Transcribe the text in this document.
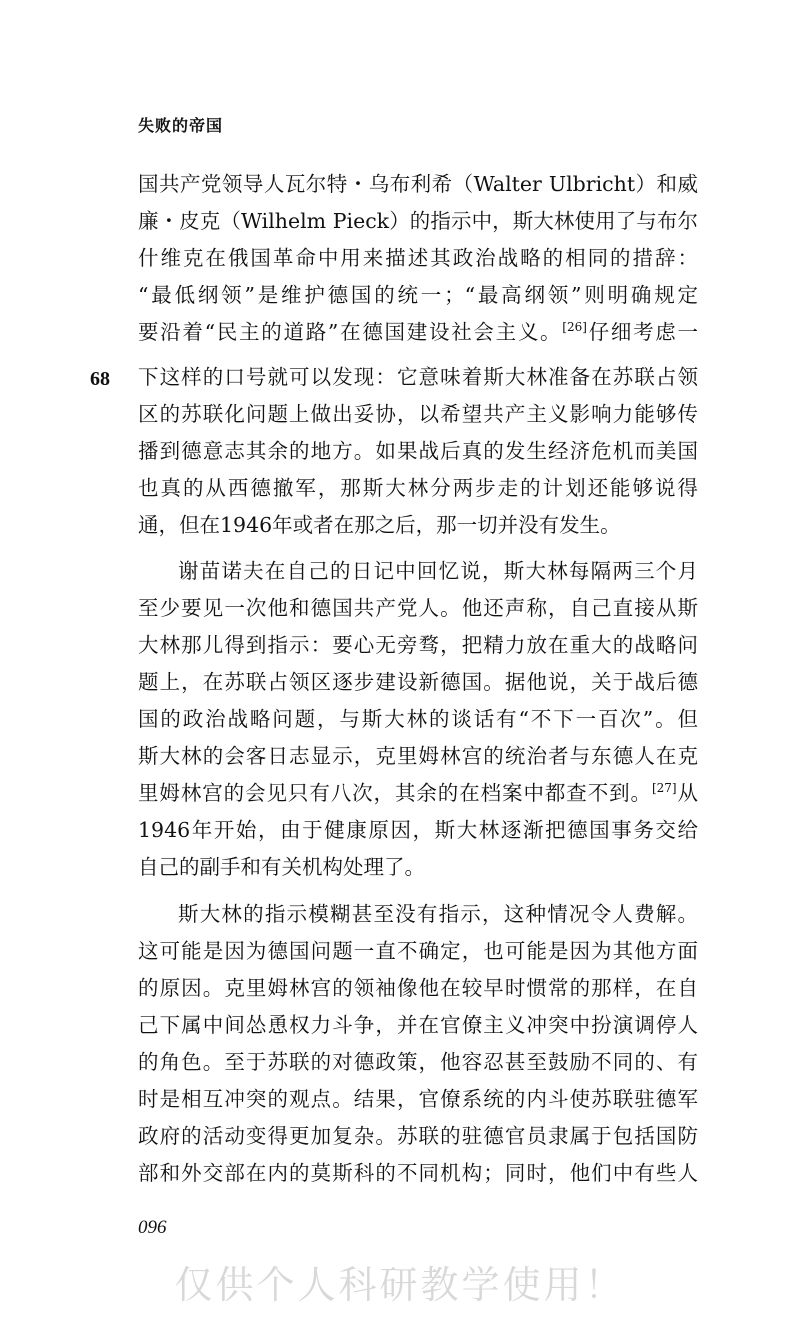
失败的帝国
68
国共产党领导人瓦尔特・乌布利希（Walter Ulbricht）和威
廉・皮克（Wilhelm Pieck）的指示中，斯大林使用了与布尔
什维克在俄国革命中用来描述其政治战略的相同的措辞：
“最低纲领”是维护德国的统一；“最高纲领”则明确规定
要沿着“民主的道路”在德国建设社会主义。[26]仔细考虑一
下这样的口号就可以发现：它意味着斯大林准备在苏联占领
区的苏联化问题上做出妥协，以希望共产主义影响力能够传
播到德意志其余的地方。如果战后真的发生经济危机而美国
也真的从西德撤军，那斯大林分两步走的计划还能够说得
通，但在1946年或者在那之后，那一切并没有发生。
谢苗诺夫在自己的日记中回忆说，斯大林每隔两三个月
至少要见一次他和德国共产党人。他还声称，自己直接从斯
大林那儿得到指示：要心无旁骛，把精力放在重大的战略问
题上，在苏联占领区逐步建设新德国。据他说，关于战后德
国的政治战略问题，与斯大林的谈话有“不下一百次”。但
斯大林的会客日志显示，克里姆林宫的统治者与东德人在克
里姆林宫的会见只有八次，其余的在档案中都查不到。[27]从
1946年开始，由于健康原因，斯大林逐渐把德国事务交给
自己的副手和有关机构处理了。
斯大林的指示模糊甚至没有指示，这种情况令人费解。
这可能是因为德国问题一直不确定，也可能是因为其他方面
的原因。克里姆林宫的领袖像他在较早时惯常的那样，在自
己下属中间怂恿权力斗争，并在官僚主义冲突中扮演调停人
的角色。至于苏联的对德政策，他容忍甚至鼓励不同的、有
时是相互冲突的观点。结果，官僚系统的内斗使苏联驻德军
政府的活动变得更加复杂。苏联的驻德官员隶属于包括国防
部和外交部在内的莫斯科的不同机构；同时，他们中有些人
096
仅供个人科研教学使用！
